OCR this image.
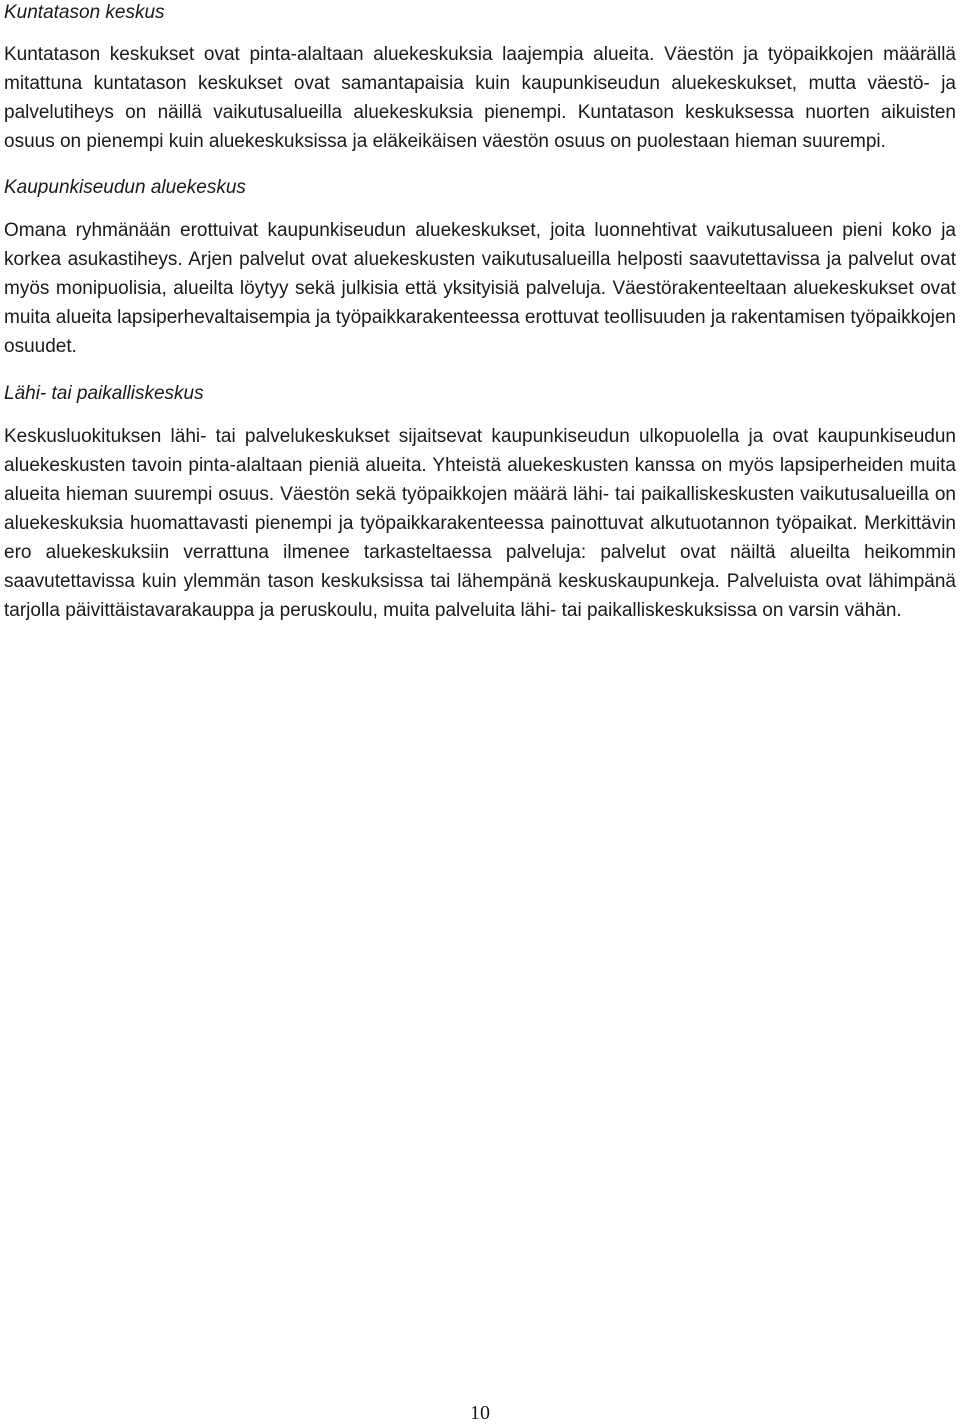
Kuntatason keskus

Kuntatason keskukset ovat pinta-alaltaan aluekeskuksia laajempia alueita. Väestön ja työpaikkojen määrällä mitattuna kuntatason keskukset ovat samantapaisia kuin kaupunkiseudun aluekeskukset, mutta väestö- ja palvelutiheys on näillä vaikutusalueilla aluekeskuksia pienempi. Kuntatason keskuksessa nuorten aikuisten osuus on pienempi kuin aluekeskuksissa ja eläkeikäisen väestön osuus on puolestaan hieman suurempi.

Kaupunkiseudun aluekeskus

Omana ryhmänään erottuivat kaupunkiseudun aluekeskukset, joita luonnehtivat vaikutusalueen pieni koko ja korkea asukastiheys. Arjen palvelut ovat aluekeskusten vaikutusalueilla helposti saavutettavissa ja palvelut ovat myös monipuolisia, alueilta löytyy sekä julkisia että yksityisiä palveluja. Väestörakenteeltaan aluekeskukset ovat muita alueita lapsiperhevaltaisempia ja työpaikkarakenteessa erottuvat teollisuuden ja rakentamisen työpaikkojen osuudet.

Lähi- tai paikalliskeskus

Keskusluokituksen lähi- tai palvelukeskukset sijaitsevat kaupunkiseudun ulkopuolella ja ovat kaupunkiseudun aluekeskusten tavoin pinta-alaltaan pieniä alueita. Yhteistä aluekeskusten kanssa on myös lapsiperheiden muita alueita hieman suurempi osuus. Väestön sekä työpaikkojen määrä lähi- tai paikalliskeskusten vaikutusalueilla on aluekeskuksia huomattavasti pienempi ja työpaikkarakenteessa painottuvat alkutuotannon työpaikat. Merkittävin ero aluekeskuksiin verrattuna ilmenee tarkasteltaessa palveluja: palvelut ovat näiltä alueilta heikommin saavutettavissa kuin ylemmän tason keskuksissa tai lähempänä keskuskaupunkeja. Palveluista ovat lähimpänä tarjolla päivittäistavarakauppa ja peruskoulu, muita palveluita lähi- tai paikalliskeskuksissa on varsin vähän.

10
